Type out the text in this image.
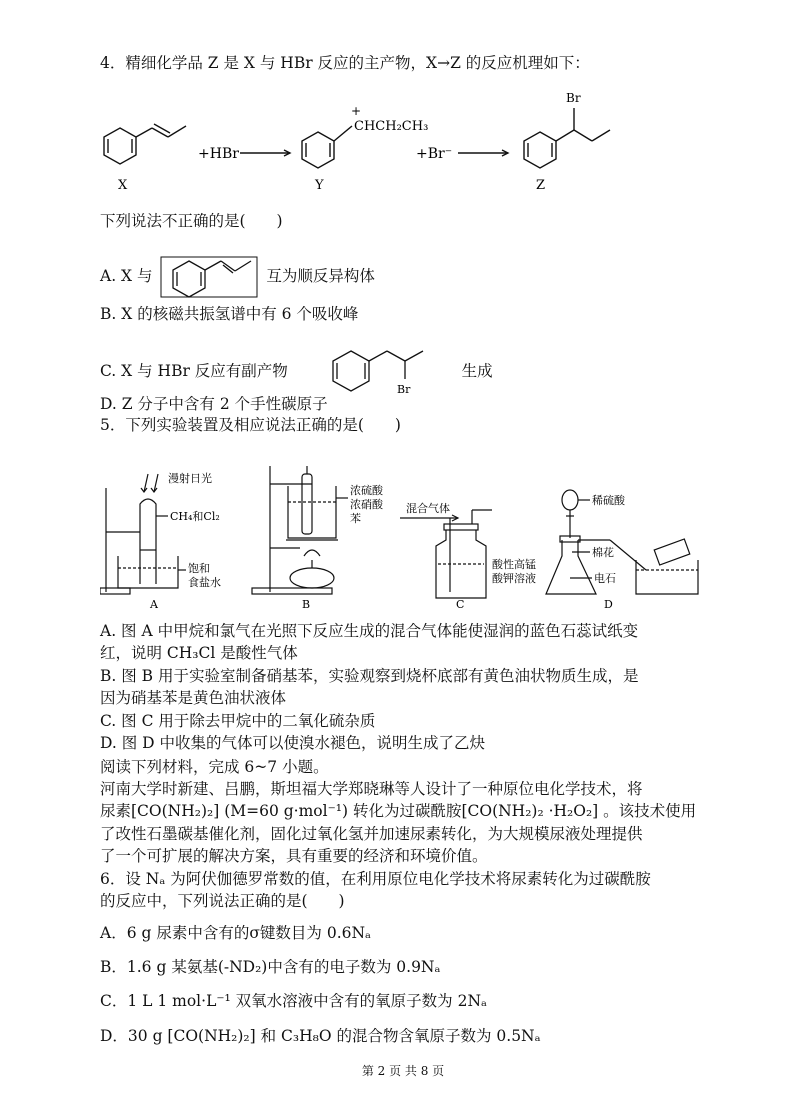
4．精细化学品 Z 是 X 与 HBr 反应的主产物，X→Z 的反应机理如下：
X
+HBr
+
CHCH₂CH₃
Y
+Br⁻
Br
Z
下列说法不正确的是(　　)
A. X 与	互为顺反异构体
B. X 的核磁共振氢谱中有 6 个吸收峰
C. X 与 HBr 反应有副产物
Br
生成
D. Z 分子中含有 2 个手性碳原子
5．下列实验装置及相应说法正确的是(　　)
漫射日光
CH₄和Cl₂
饱和
食盐水
A
浓硫酸
浓硝酸
苯
B
混合气体
酸性高锰
酸钾溶液
C
稀硫酸
棉花
电石
D
A. 图 A 中甲烷和氯气在光照下反应生成的混合气体能使湿润的蓝色石蕊试纸变
红，说明 CH₃Cl 是酸性气体
B. 图 B 用于实验室制备硝基苯，实验观察到烧杯底部有黄色油状物质生成，是
因为硝基苯是黄色油状液体
C. 图 C 用于除去甲烷中的二氧化硫杂质
D. 图 D 中收集的气体可以使溴水褪色，说明生成了乙炔
阅读下列材料，完成 6~7 小题。
河南大学时新建、吕鹏，斯坦福大学郑晓琳等人设计了一种原位电化学技术，将
尿素[CO(NH₂)₂] (M=60 g·mol⁻¹) 转化为过碳酰胺[CO(NH₂)₂ ·H₂O₂] 。该技术使用
了改性石墨碳基催化剂，固化过氧化氢并加速尿素转化，为大规模尿液处理提供
了一个可扩展的解决方案，具有重要的经济和环境价值。
6．设 Nₐ 为阿伏伽德罗常数的值，在利用原位电化学技术将尿素转化为过碳酰胺
的反应中，下列说法正确的是(　　)
A．6 g 尿素中含有的σ键数目为 0.6Nₐ
B．1.6 g 某氨基(-ND₂)中含有的电子数为 0.9Nₐ
C．1 L 1 mol·L⁻¹ 双氧水溶液中含有的氧原子数为 2Nₐ
D．30 g [CO(NH₂)₂] 和 C₃H₈O 的混合物含氧原子数为 0.5Nₐ
第 2 页 共 8 页
